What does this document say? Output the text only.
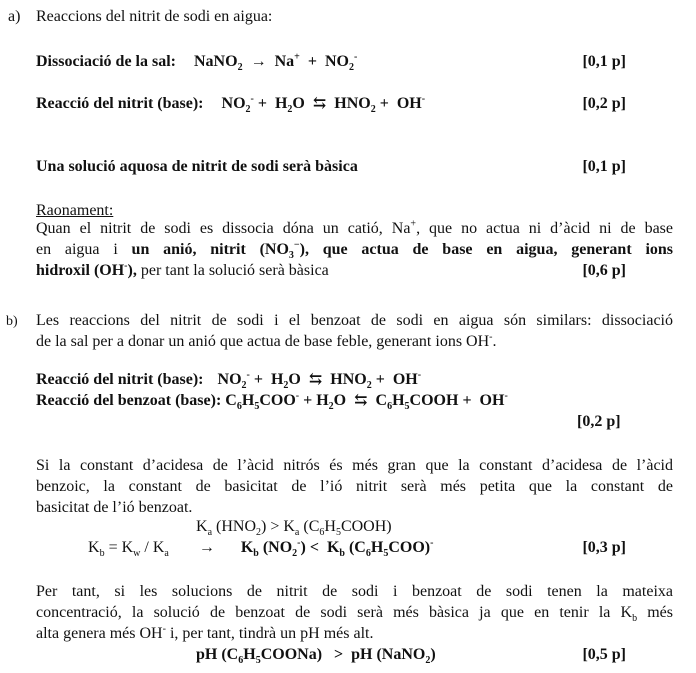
a) Reaccions del nitrit de sodi en aigua:
Dissociació de la sal: NaNO$_2$ →  $Na^+ + NO_2^-$	[0,1 p]
Reacció del nitrit (base): $NO_2^- + H_2O$  ⇆  $HNO_2 + OH^-$	[0,2 p]
Una solució aquosa de nitrit de sodi serà bàsica	[0,1 p]
Raonament:
Quan el nitrit de sodi es dissocia dóna un catió, Na+, que no actua ni d’àcid ni de base
en aigua i un anió, nitrit $(NO_3^-)$, que actua de base en aigua, generant ions
hidroxil (OH-), per tant la solució serà bàsica	[0,6 p]
b) Les reaccions del nitrit de sodi i el benzoat de sodi en aigua són similars: dissociació
de la sal per a donar un anió que actua de base feble, generant ions OH-.
Reacció del nitrit (base): $NO_2^- + H_2O$  ⇆  $HNO_2 + OH^-$
Reacció del benzoat (base): $C_6H_5COO^- + H_2O$  ⇆  $C_6H_5COOH + OH^-$
[0,2 p]
Si la constant d’acidesa de l’àcid nitrós és més gran que la constant d’acidesa de l’àcid
benzoic, la constant de basicitat de l’ió nitrit serà més petita que la constant de
basicitat de l’ió benzoat.
$K_a$ $(HNO_2) > K_a$ $(C_6H_5COOH)$
$K_b = K_w / K_a \to K_b$ $(NO_2^-) < K_b$ $(C_6H_5COO)^-$	[0,3 p]
Per tant, si les solucions de nitrit de sodi i benzoat de sodi tenen la mateixa
concentració, la solució de benzoat de sodi serà més bàsica ja que en tenir la $K_b$ més
alta genera més OH- i, per tant, tindrà un pH més alt.
pH $(C_6H_5COONa)$   >  pH (NaNO$_2$)	[0,5 p]
